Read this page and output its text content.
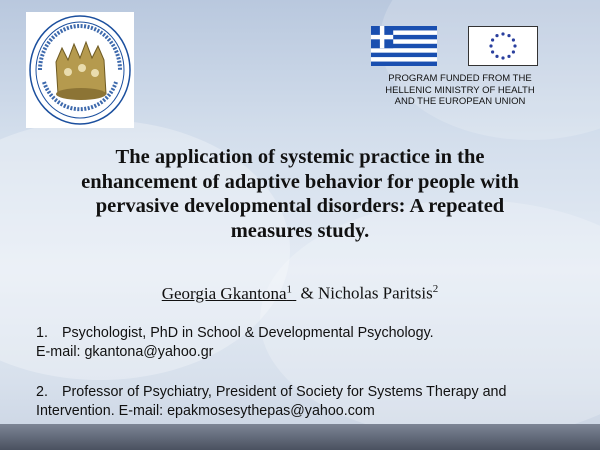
PROGRAM FUNDED FROM THE
HELLENIC MINISTRY OF HEALTH
AND THE EUROPEAN UNION
The application of systemic practice in the
enhancement of adaptive behavior for people with
pervasive developmental disorders: A repeated
measures study.
Georgia Gkantona$^1$ & Nicholas Paritsis$^2$
1. Psychologist, PhD in School & Developmental Psychology.
E-mail: gkantona@yahoo.gr
2. Professor of Psychiatry, President of Society for Systems Therapy and
Intervention. E-mail: epakmosesythepas@yahoo.com
